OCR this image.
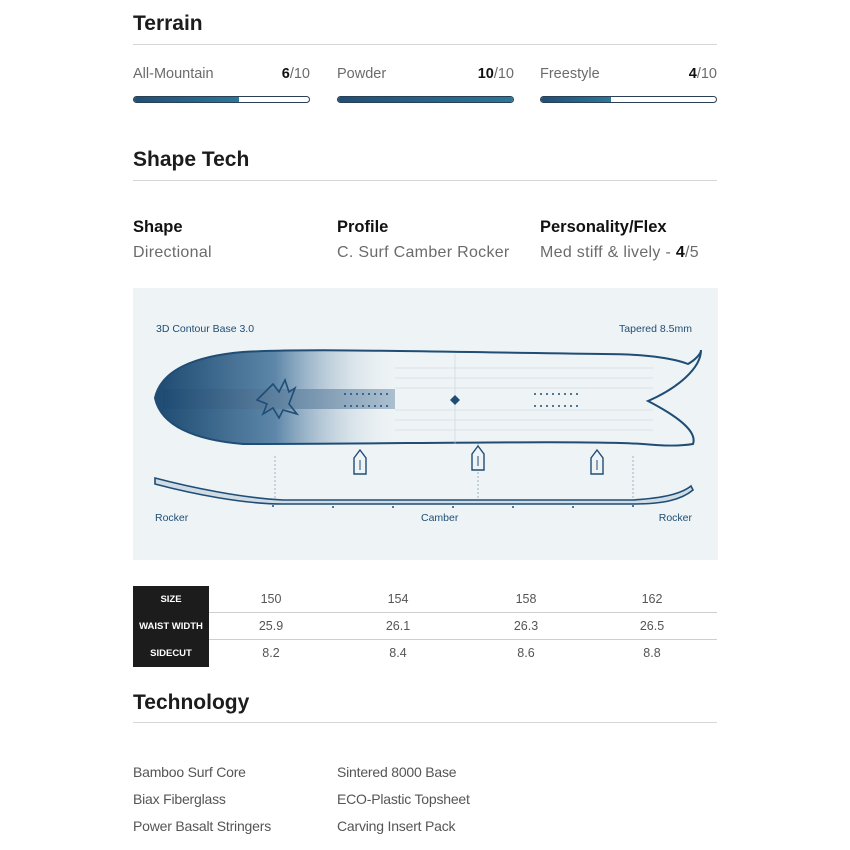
Terrain
All-Mountain	6/10 Powder	10/10 Freestyle	4/10
Shape Tech
Shape
Directional
Profile
C. Surf Camber Rocker
Personality/Flex
Med stiff & lively - 4/5
3D Contour Base 3.0	Tapered 8.5mm
Rocker	Camber	Rocker
SIZE	150	154	158	162
WAIST WIDTH	25.9	26.1	26.3	26.5
SIDECUT	8.2	8.4	8.6	8.8
Technology
Bamboo Surf Core
Biax Fiberglass
Power Basalt Stringers
Sintered 8000 Base
ECO-Plastic Topsheet
Carving Insert Pack
